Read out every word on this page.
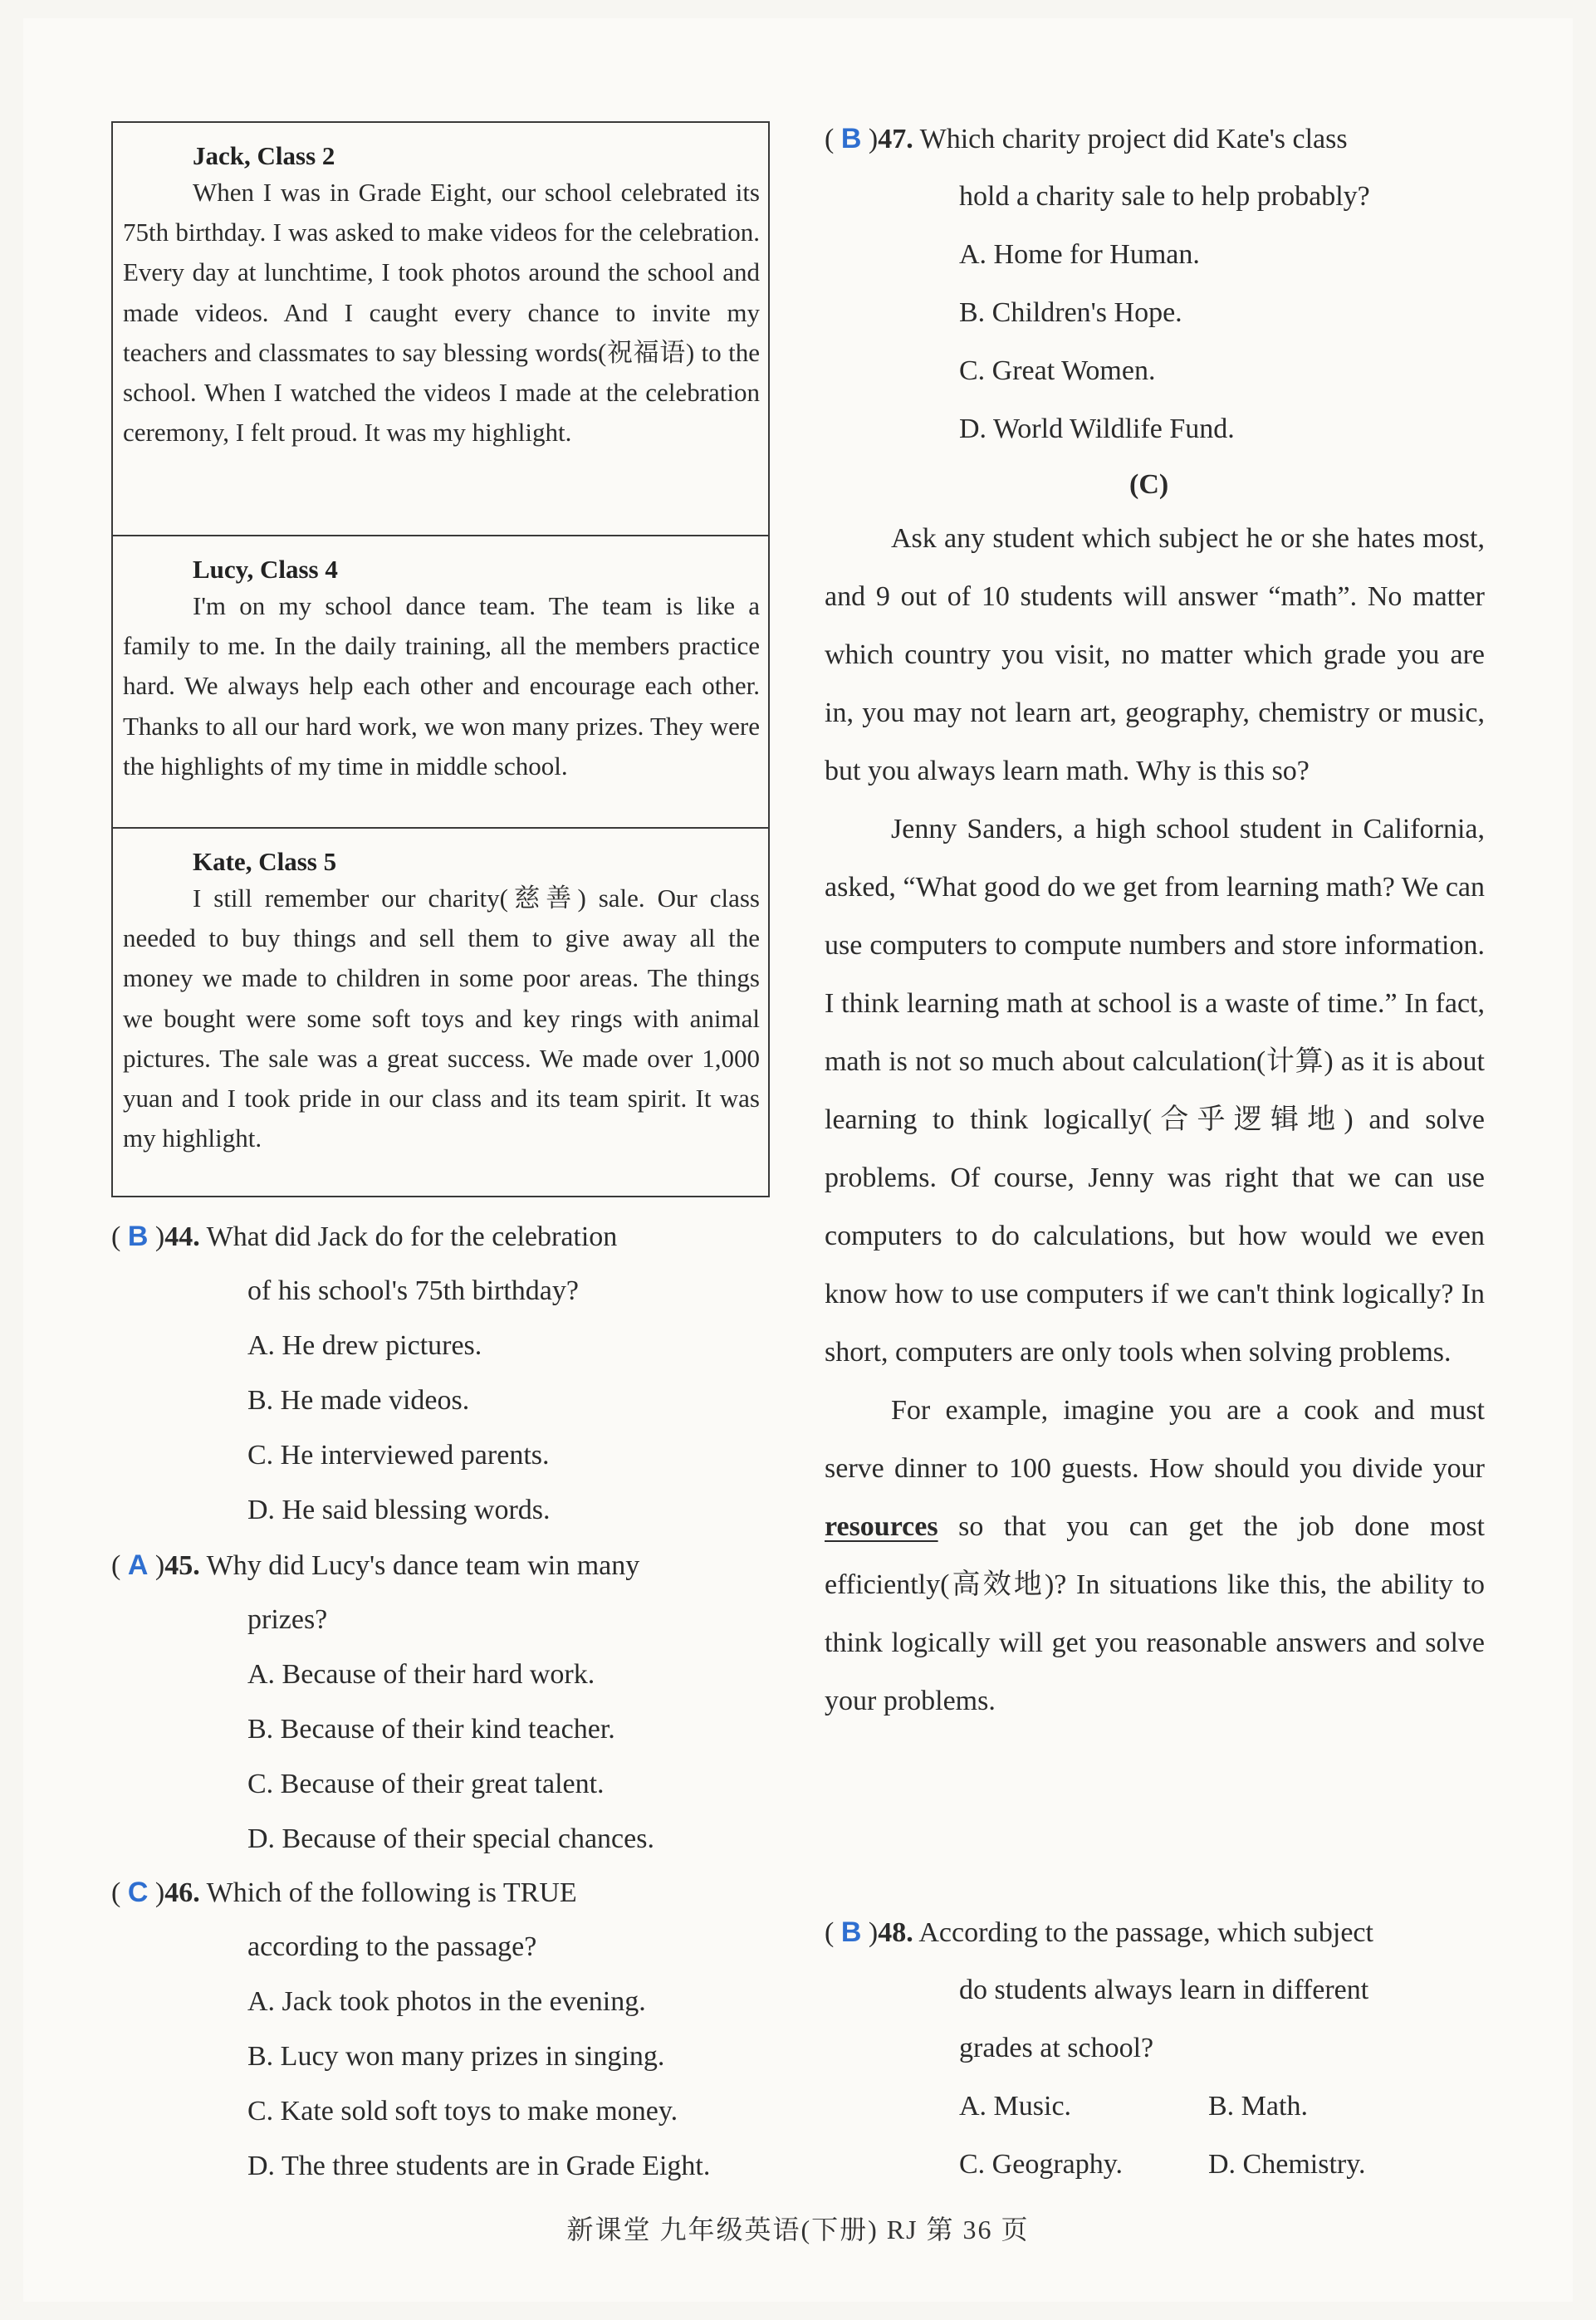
Jack, Class 2

When I was in Grade Eight, our school celebrated its 75th birthday. I was asked to make videos for the celebration. Every day at lunchtime, I took photos around the school and made videos. And I caught every chance to invite my teachers and classmates to say blessing words(祝福语) to the school. When I watched the videos I made at the celebration ceremony, I felt proud. It was my highlight.

Lucy, Class 4

I'm on my school dance team. The team is like a family to me. In the daily training, all the members practice hard. We always help each other and encourage each other. Thanks to all our hard work, we won many prizes. They were the highlights of my time in middle school.

Kate, Class 5

I still remember our charity(慈善) sale. Our class needed to buy things and sell them to give away all the money we made to children in some poor areas. The things we bought were some soft toys and key rings with animal pictures. The sale was a great success. We made over 1,000 yuan and I took pride in our class and its team spirit. It was my highlight.

( B )44. What did Jack do for the celebration
of his school's 75th birthday?
A. He drew pictures.
B. He made videos.
C. He interviewed parents.
D. He said blessing words.
( A )45. Why did Lucy's dance team win many
prizes?
A. Because of their hard work.
B. Because of their kind teacher.
C. Because of their great talent.
D. Because of their special chances.
( C )46. Which of the following is TRUE
according to the passage?
A. Jack took photos in the evening.
B. Lucy won many prizes in singing.
C. Kate sold soft toys to make money.
D. The three students are in Grade Eight.
( B )47. Which charity project did Kate's class
hold a charity sale to help probably?
A. Home for Human.
B. Children's Hope.
C. Great Women.
D. World Wildlife Fund.
(C)

Ask any student which subject he or she hates most, and 9 out of 10 students will answer “math”. No matter which country you visit, no matter which grade you are in, you may not learn art, geography, chemistry or music, but you always learn math. Why is this so?

Jenny Sanders, a high school student in California, asked, “What good do we get from learning math? We can use computers to compute numbers and store information. I think learning math at school is a waste of time.” In fact, math is not so much about calculation(计算) as it is about learning to think logically(合乎逻辑地) and solve problems. Of course, Jenny was right that we can use computers to do calculations, but how would we even know how to use computers if we can't think logically? In short, computers are only tools when solving problems.

For example, imagine you are a cook and must serve dinner to 100 guests. How should you divide your resources so that you can get the job done most efficiently(高效地)? In situations like this, the ability to think logically will get you reasonable answers and solve your problems.

( B )48. According to the passage, which subject
do students always learn in different
grades at school?
A. Music.	B. Math.
C. Geography.	D. Chemistry.
新课堂 九年级英语(下册) RJ 第 36 页
